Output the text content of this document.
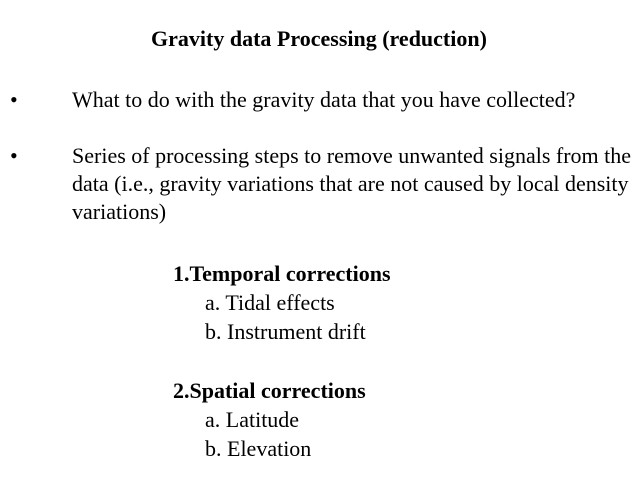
Gravity data Processing (reduction)
• What to do with the gravity data that you have collected?
• Series of processing steps to remove unwanted signals from the data (i.e., gravity variations that are not caused by local density variations)
1.Temporal corrections
a. Tidal effects
b. Instrument drift
2.Spatial corrections
a. Latitude
b. Elevation
